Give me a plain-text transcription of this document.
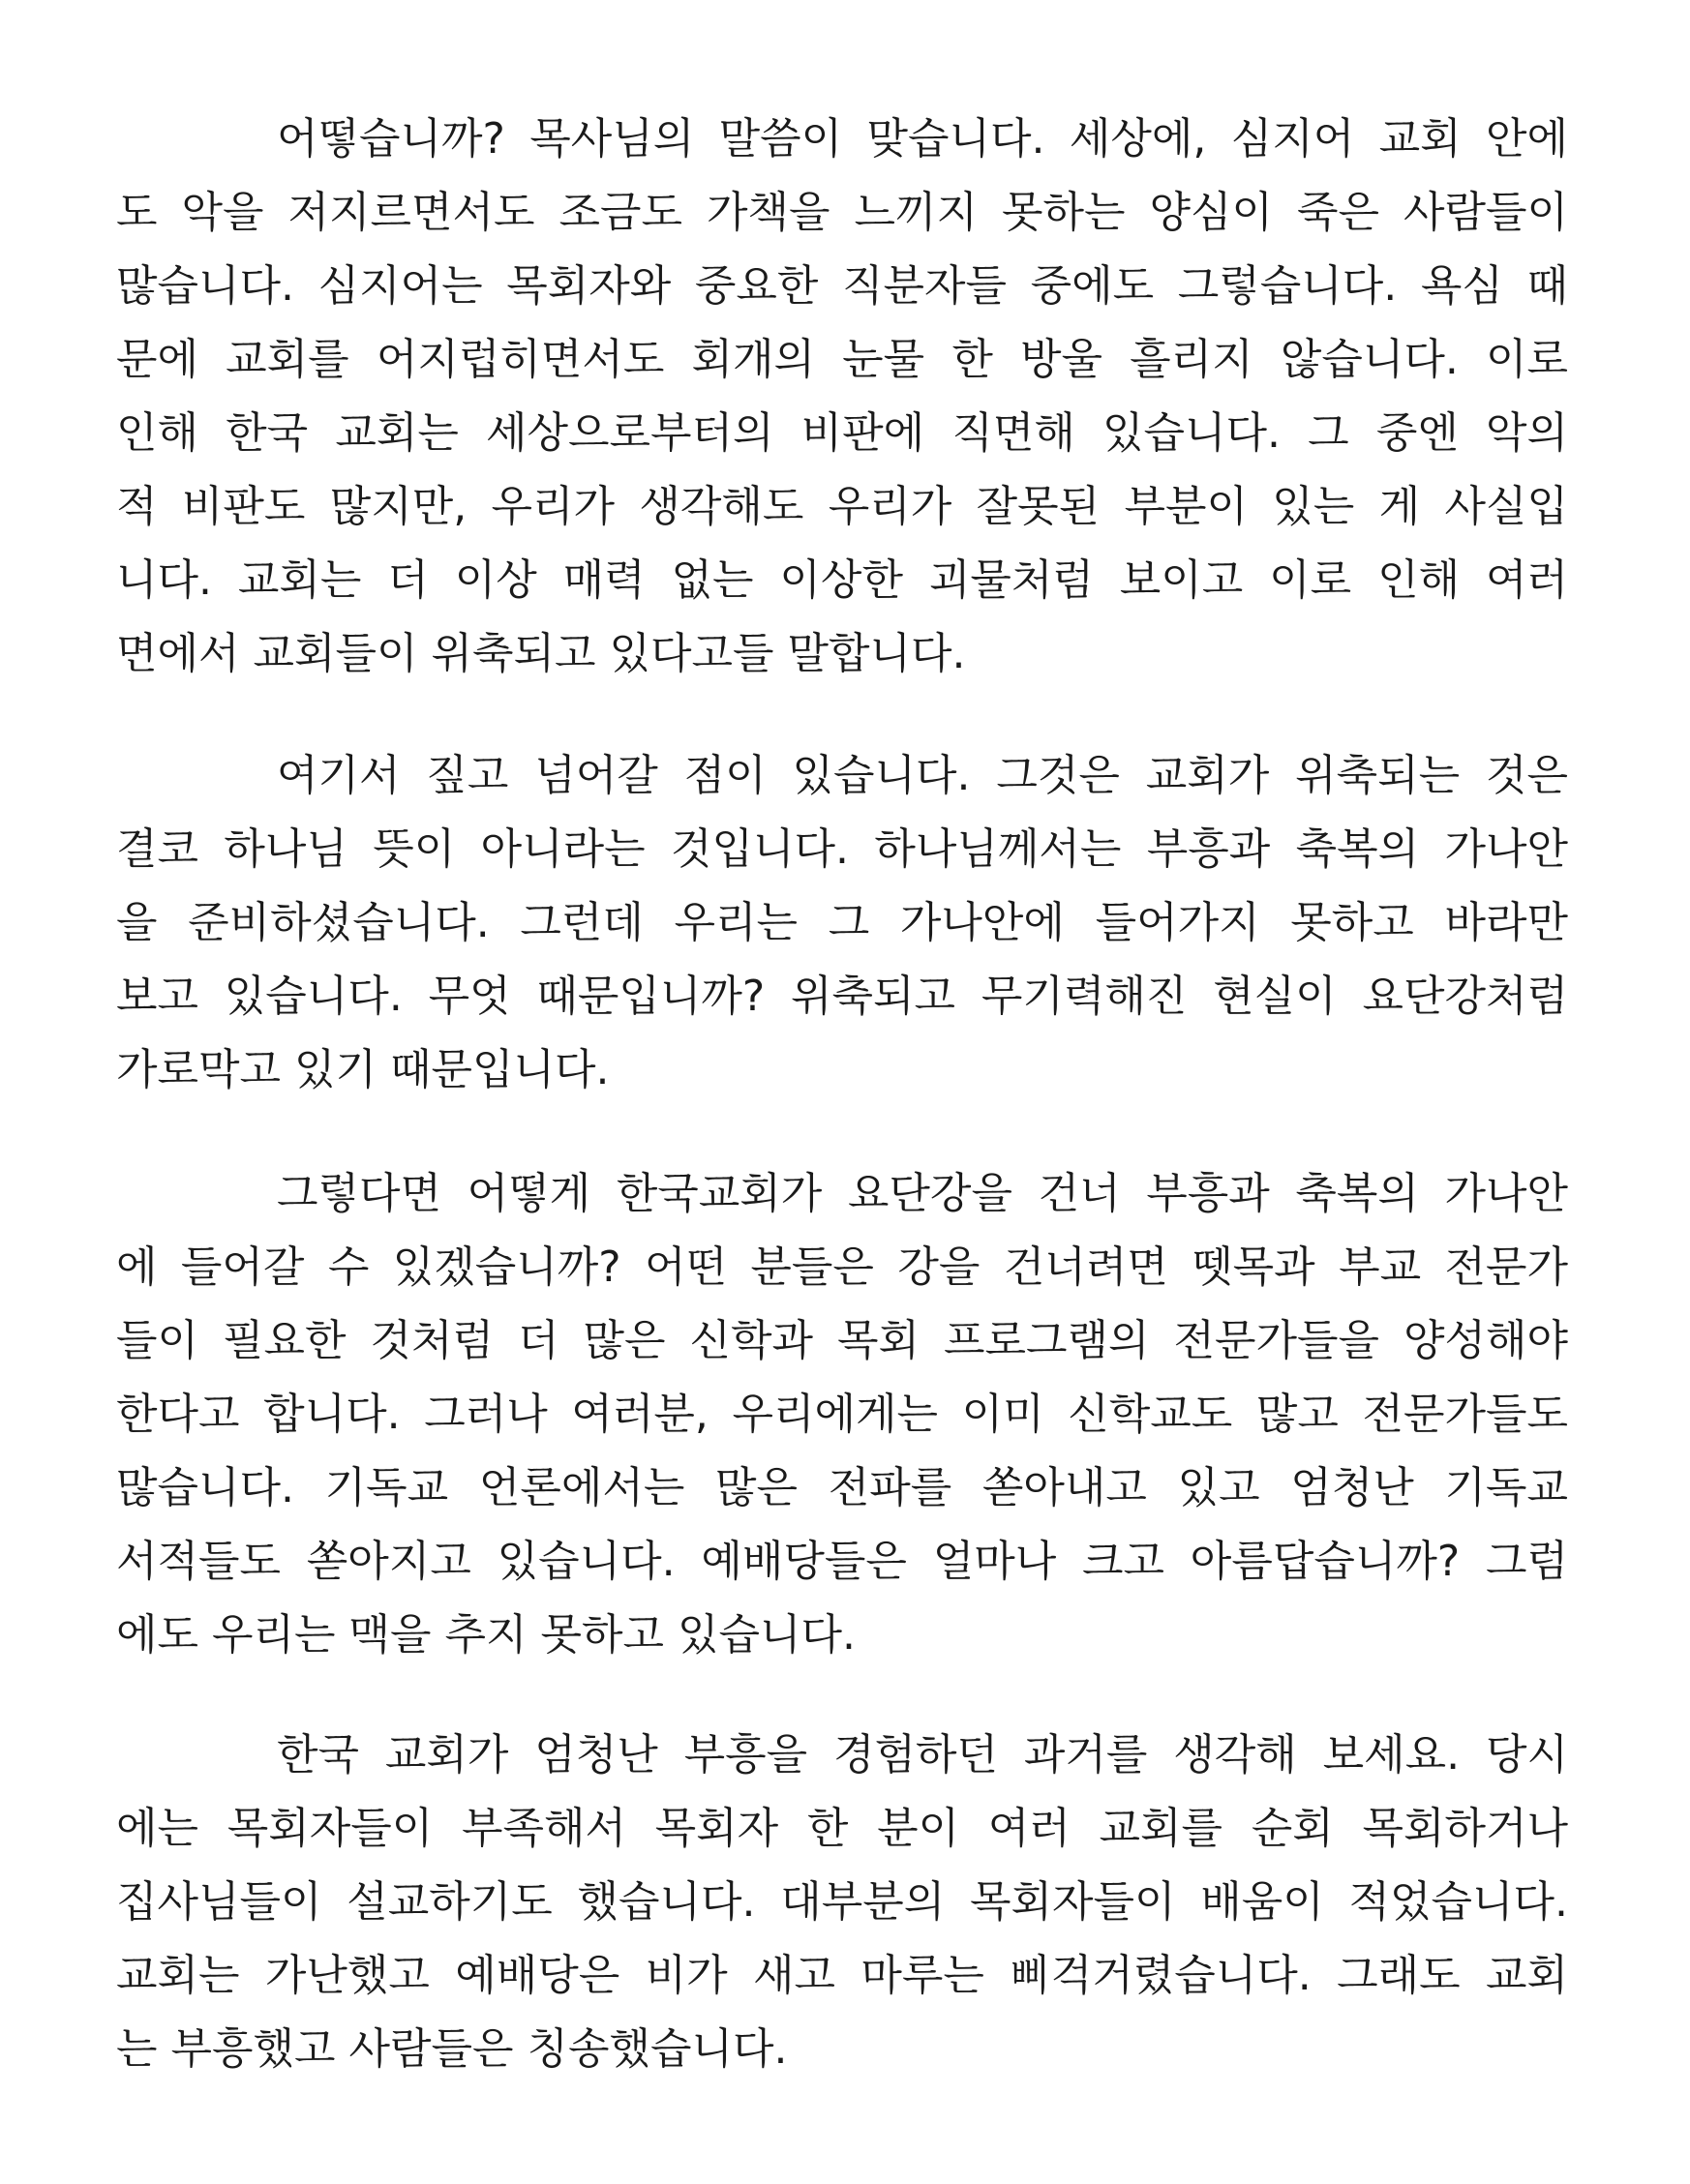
어떻습니까? 목사님의 말씀이 맞습니다. 세상에, 심지어 교회 안에
도 악을 저지르면서도 조금도 가책을 느끼지 못하는 양심이 죽은 사람들이
많습니다. 심지어는 목회자와 중요한 직분자들 중에도 그렇습니다. 욕심 때
문에 교회를 어지럽히면서도 회개의 눈물 한 방울 흘리지 않습니다. 이로
인해 한국 교회는 세상으로부터의 비판에 직면해 있습니다. 그 중엔 악의
적 비판도 많지만, 우리가 생각해도 우리가 잘못된 부분이 있는 게 사실입
니다. 교회는 더 이상 매력 없는 이상한 괴물처럼 보이고 이로 인해 여러
면에서 교회들이 위축되고 있다고들 말합니다.
여기서 짚고 넘어갈 점이 있습니다. 그것은 교회가 위축되는 것은
결코 하나님 뜻이 아니라는 것입니다. 하나님께서는 부흥과 축복의 가나안
을 준비하셨습니다. 그런데 우리는 그 가나안에 들어가지 못하고 바라만
보고 있습니다. 무엇 때문입니까? 위축되고 무기력해진 현실이 요단강처럼
가로막고 있기 때문입니다.
그렇다면 어떻게 한국교회가 요단강을 건너 부흥과 축복의 가나안
에 들어갈 수 있겠습니까? 어떤 분들은 강을 건너려면 뗏목과 부교 전문가
들이 필요한 것처럼 더 많은 신학과 목회 프로그램의 전문가들을 양성해야
한다고 합니다. 그러나 여러분, 우리에게는 이미 신학교도 많고 전문가들도
많습니다. 기독교 언론에서는 많은 전파를 쏟아내고 있고 엄청난 기독교
서적들도 쏟아지고 있습니다. 예배당들은 얼마나 크고 아름답습니까? 그럼
에도 우리는 맥을 추지 못하고 있습니다.
한국 교회가 엄청난 부흥을 경험하던 과거를 생각해 보세요. 당시
에는 목회자들이 부족해서 목회자 한 분이 여러 교회를 순회 목회하거나
집사님들이 설교하기도 했습니다. 대부분의 목회자들이 배움이 적었습니다.
교회는 가난했고 예배당은 비가 새고 마루는 삐걱거렸습니다. 그래도 교회
는 부흥했고 사람들은 칭송했습니다.
